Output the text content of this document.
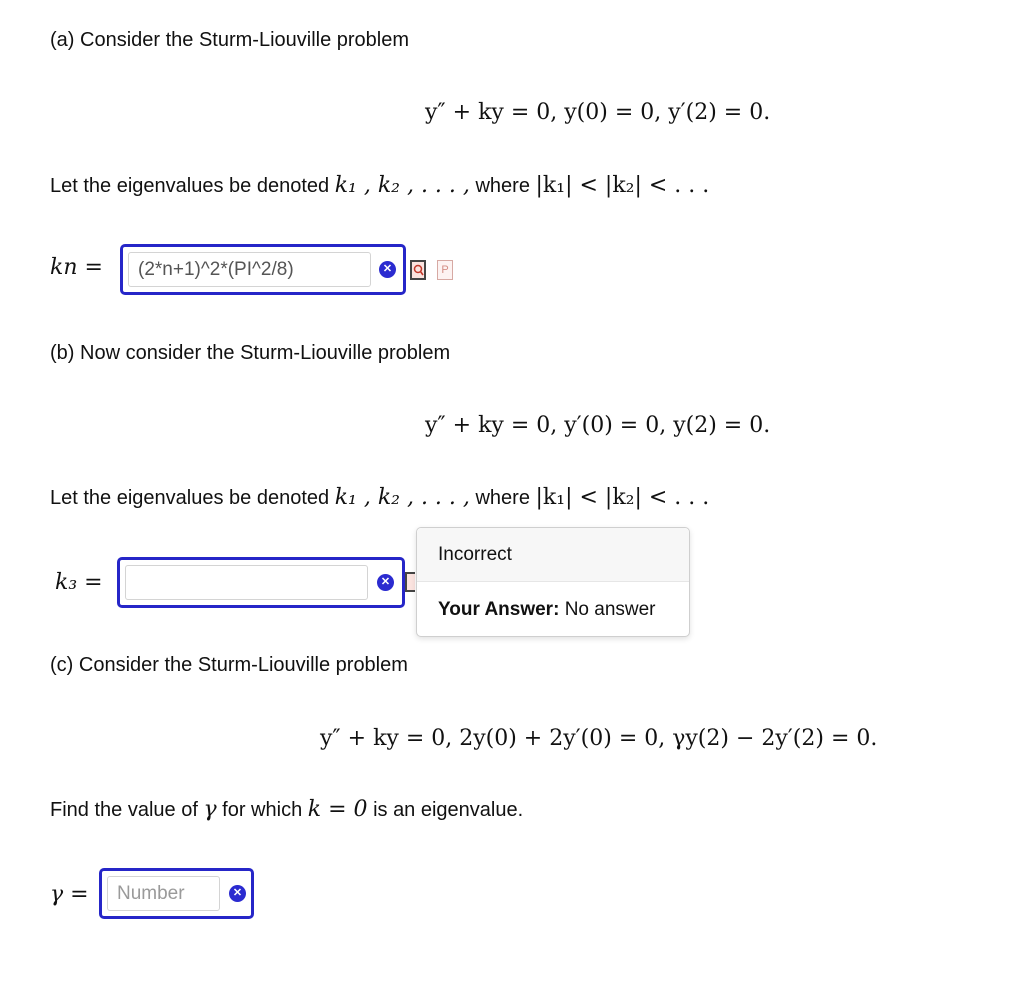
(a) Consider the Sturm-Liouville problem
y″ + ky = 0, y(0) = 0, y′(2) = 0.
Let the eigenvalues be denoted k₁ , k₂ , . . . , where |k₁| < |k₂| < . . .
kn =
(2*n+1)^2*(PI^2/8)	✕	P
(b) Now consider the Sturm-Liouville problem
y″ + ky = 0, y′(0) = 0, y(2) = 0.
Let the eigenvalues be denoted k₁ , k₂ , . . . , where |k₁| < |k₂| < . . .
k₃ =	✕
Incorrect
Your Answer: No answer
(c) Consider the Sturm-Liouville problem
y″ + ky = 0, 2y(0) + 2y′(0) = 0, γy(2) − 2y′(2) = 0.
Find the value of γ for which k = 0 is an eigenvalue.
γ =
Number	✕
